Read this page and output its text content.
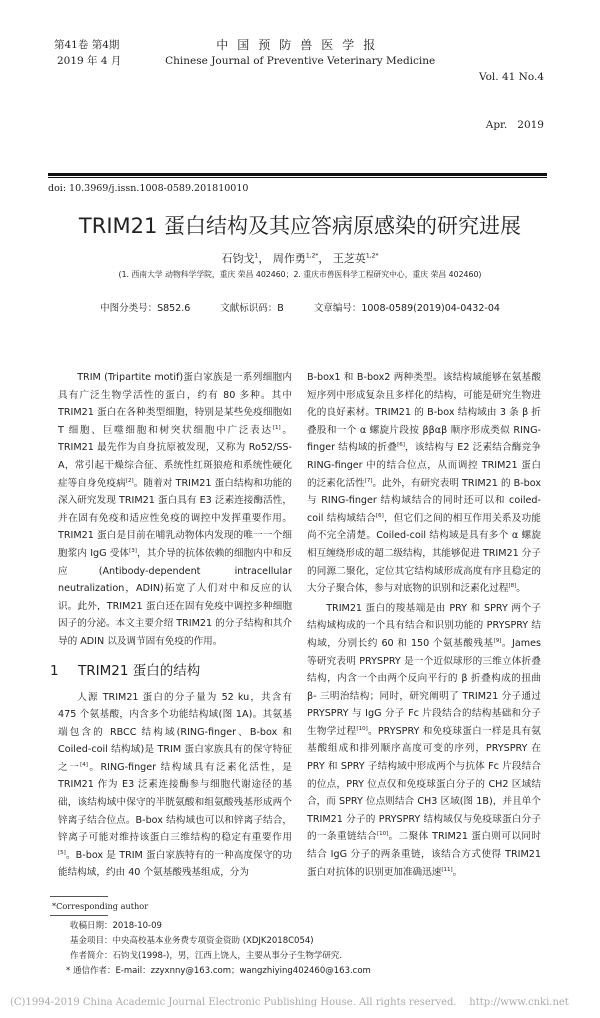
第41卷 第4期
2019 年 4 月
中国预防兽医学报
Chinese Journal of Preventive Veterinary Medicine

Vol. 41 No.4

Apr.   2019

doi: 10.3969/j.issn.1008-0589.201810010
TRIM21 蛋白结构及其应答病原感染的研究进展
石钧戈$^1$， 周作勇$^{1,2*}$， 王芝英$^{1,2*}$
(1. 西南大学 动物科学学院，重庆 荣昌 402460；2. 重庆市兽医科学工程研究中心，重庆 荣昌 402460)
中图分类号：S852.6	文献标识码：B	文章编号：1008-0589(2019)04-0432-04

TRIM (Tripartite motif)蛋白家族是一系列细胞内具有广泛生物学活性的蛋白，约有 80 多种。其中 TRIM21 蛋白在各种类型细胞，特别是某些免疫细胞如 T 细胞、巨噬细胞和树突状细胞中广泛表达[1]。TRIM21 最先作为自身抗原被发现，又称为 Ro52/SS-A，常引起干燥综合征、系统性红斑狼疮和系统性硬化症等自身免疫病[2]。随着对 TRIM21 蛋白结构和功能的深入研究发现 TRIM21 蛋白具有 E3 泛素连接酶活性，并在固有免疫和适应性免疫的调控中发挥重要作用。TRIM21 蛋白是目前在哺乳动物体内发现的唯一一个细胞浆内 IgG 受体[3]，其介导的抗体依赖的细胞内中和反应(Antibody-dependent intracellular neutralization，ADIN)拓宽了人们对中和反应的认识。此外，TRIM21 蛋白还在固有免疫中调控多种细胞因子的分泌。本文主要介绍 TRIM21 的分子结构和其介导的 ADIN 以及调节固有免疫的作用。

1 TRIM21 蛋白的结构

人源 TRIM21 蛋白的分子量为 52 ku，共含有 475 个氨基酸，内含多个功能结构域(图 1A)。其氨基端包含的 RBCC 结构域(RING-finger、B-box 和 Coiled-coil 结构域)是 TRIM 蛋白家族具有的保守特征之一[4]。RING-finger 结构域具有泛素化活性，是 TRIM21 作为 E3 泛素连接酶参与细胞代谢途径的基础，该结构域中保守的半胱氨酸和组氨酸残基形成两个锌离子结合位点。B-box 结构域也可以和锌离子结合，锌离子可能对维持该蛋白三维结构的稳定有重要作用[5]。B-box 是 TRIM 蛋白家族特有的一种高度保守的功能结构域，约由 40 个氨基酸残基组成，分为

B-box1 和 B-box2 两种类型。该结构域能够在氨基酸短序列中形成复杂且多样化的结构，可能是研究生物进化的良好素材。TRIM21 的 B-box 结构域由 3 条 β 折叠股和一个 α 螺旋片段按 ββαβ 顺序形成类似 RING-finger 结构域的折叠[6]，该结构与 E2 泛素结合酶竞争 RING-finger 中的结合位点，从而调控 TRIM21 蛋白的泛素化活性[7]。此外，有研究表明 TRIM21 的 B-box 与 RING-finger 结构域结合的同时还可以和 coiled-coil 结构域结合[6]，但它们之间的相互作用关系及功能尚不完全清楚。Coiled-coil 结构域是具有多个 α 螺旋相互缠绕形成的超二级结构，其能够促进 TRIM21 分子的同源二聚化，定位其它结构域形成高度有序且稳定的大分子聚合体，参与对底物的识别和泛素化过程[8]。

TRIM21 蛋白的羧基端是由 PRY 和 SPRY 两个子结构域构成的一个具有结合和识别功能的 PRYSPRY 结构域，分别长约 60 和 150 个氨基酸残基[9]。James 等研究表明 PRYSPRY 是一个近似球形的三维立体折叠结构，内含一个由两个反向平行的 β 折叠构成的扭曲 β- 三明治结构；同时，研究阐明了 TRIM21 分子通过 PRYSPRY 与 IgG 分子 Fc 片段结合的结构基础和分子生物学过程[10]。PRYSPRY 和免疫球蛋白一样是具有氨基酸组成和排列顺序高度可变的序列，PRYSPRY 在 PRY 和 SPRY 子结构域中形成两个与抗体 Fc 片段结合的位点，PRY 位点仅和免疫球蛋白分子的 CH2 区域结合，而 SPRY 位点则结合 CH3 区域(图 1B)，并且单个 TRIM21 分子的 PRYSPRY 结构域仅与免疫球蛋白分子的一条重链结合[10]。二聚体 TRIM21 蛋白则可以同时结合 IgG 分子的两条重链，该结合方式使得 TRIM21 蛋白对抗体的识别更加准确迅速[11]。

*Corresponding author
收稿日期：2018-10-09
基金项目：中央高校基本业务费专项资金资助 (XDJK2018C054)
作者简介：石钧戈(1998-)，男，江西上饶人，主要从事分子生物学研究.
* 通信作者：E-mail：zzyxnny@163.com；wangzhiying402460@163.com
(C)1994-2019 China Academic Journal Electronic Publishing House. All rights reserved.    http://www.cnki.net
